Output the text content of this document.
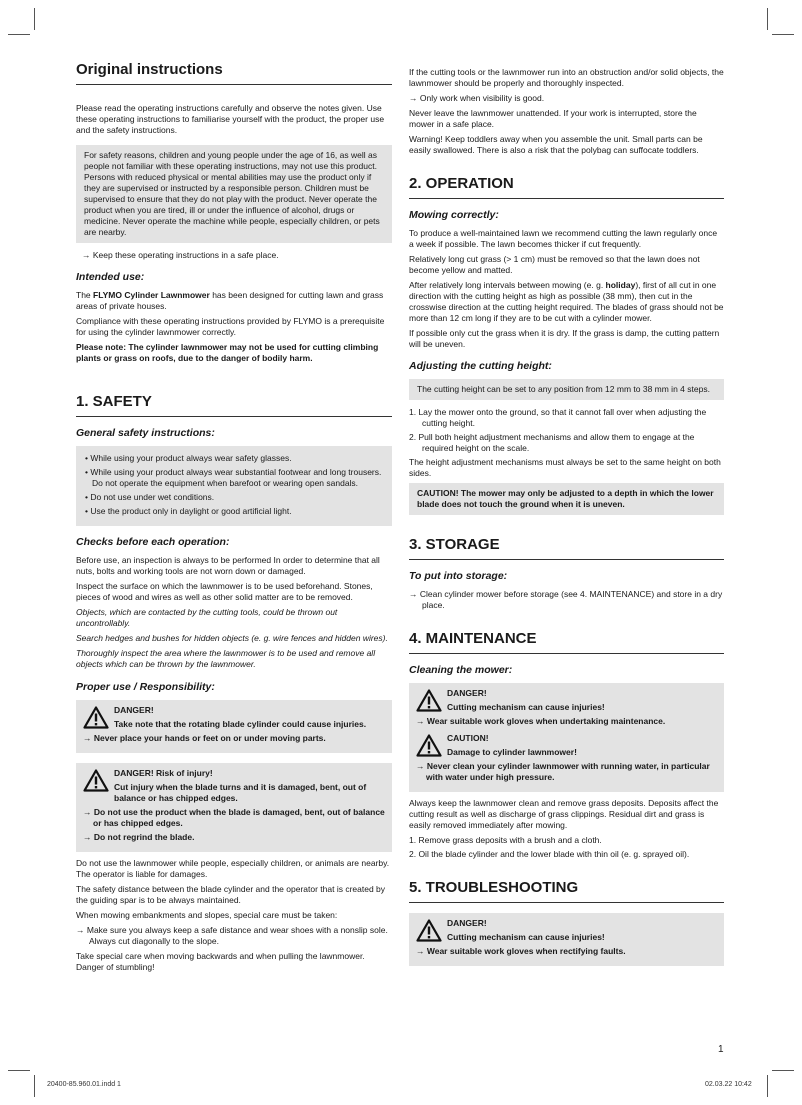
Original instructions

Please read the operating instructions carefully and observe the notes given. Use these operating instructions to familiarise yourself with the product, the proper use and the safety instructions.

For safety reasons, children and young people under the age of 16, as well as people not familiar with these operating instructions, may not use this product. Persons with reduced physical or mental abilities may use the product only if they are supervised or instructed by a responsible person. Children must be supervised to ensure that they do not play with the product. Never operate the product when you are tired, ill or under the influence of alcohol, drugs or medicine. Never operate the machine while people, especially children, or pets are nearby.

→ Keep these operating instructions in a safe place.

Intended use:

The FLYMO Cylinder Lawnmower has been designed for cutting lawn and grass areas of private houses.

Compliance with these operating instructions provided by FLYMO is a prerequisite for using the cylinder lawnmower correctly.

Please note: The cylinder lawnmower may not be used for cutting climbing plants or grass on roofs, due to the danger of bodily harm.

1. SAFETY
General safety instructions:
• While using your product always wear safety glasses.
• While using your product always wear substantial footwear and long trousers. Do not operate the equipment when barefoot or wearing open sandals.
• Do not use under wet conditions.
• Use the product only in daylight or good artificial light.
Checks before each operation:

Before use, an inspection is always to be performed In order to determine that all nuts, bolts and working tools are not worn down or damaged.

Inspect the surface on which the lawnmower is to be used beforehand. Stones, pieces of wood and wires as well as other solid matter are to be removed.

Objects, which are contacted by the cutting tools, could be thrown out uncontrollably.

Search hedges and bushes for hidden objects (e. g. wire fences and hidden wires).

Thoroughly inspect the area where the lawnmower is to be used and remove all objects which can be thrown by the lawnmower.

Proper use / Responsibility:

DANGER!

Take note that the rotating blade cylinder could cause injuries.

→ Never place your hands or feet on or under moving parts.

DANGER! Risk of injury!

Cut injury when the blade turns and it is damaged, bent, out of balance or has chipped edges.

→ Do not use the product when the blade is damaged, bent, out of balance or has chipped edges.

→ Do not regrind the blade.

Do not use the lawnmower while people, especially children, or animals are nearby. The operator is liable for damages.

The safety distance between the blade cylinder and the operator that is created by the guiding spar is to be always maintained.

When mowing embankments and slopes, special care must be taken:

→ Make sure you always keep a safe distance and wear shoes with a nonslip sole. Always cut diagonally to the slope.

Take special care when moving backwards and when pulling the lawnmower. Danger of stumbling!

If the cutting tools or the lawnmower run into an obstruction and/or solid objects, the lawnmower should be properly and thoroughly inspected.

→ Only work when visibility is good.

Never leave the lawnmower unattended. If your work is interrupted, store the mower in a safe place.

Warning! Keep toddlers away when you assemble the unit. Small parts can be easily swallowed. There is also a risk that the polybag can suffocate toddlers.

2. OPERATION
Mowing correctly:

To produce a well-maintained lawn we recommend cutting the lawn regularly once a week if possible. The lawn becomes thicker if cut frequently.

Relatively long cut grass (> 1 cm) must be removed so that the lawn does not become yellow and matted.

After relatively long intervals between mowing (e. g. holiday), first of all cut in one direction with the cutting height as high as possible (38 mm), then cut in the crosswise direction at the cutting height required. The blades of grass should not be more than 12 cm long if they are to be cut with a cylinder mower.

If possible only cut the grass when it is dry. If the grass is damp, the cutting pattern will be uneven.

Adjusting the cutting height:
The cutting height can be set to any position from 12 mm to 38 mm in 4 steps.
1. Lay the mower onto the ground, so that it cannot fall over when adjusting the cutting height.
2. Pull both height adjustment mechanisms and allow them to engage at the required height on the scale.

The height adjustment mechanisms must always be set to the same height on both sides.

CAUTION! The mower may only be adjusted to a depth in which the lower blade does not touch the ground when it is uneven.
3. STORAGE
To put into storage:

→ Clean cylinder mower before storage (see 4. MAINTENANCE) and store in a dry place.

4. MAINTENANCE
Cleaning the mower:

DANGER!

Cutting mechanism can cause injuries!

→ Wear suitable work gloves when undertaking maintenance.

CAUTION!

Damage to cylinder lawnmower!

→ Never clean your cylinder lawnmower with running water, in particular with water under high pressure.

Always keep the lawnmower clean and remove grass deposits. Deposits affect the cutting result as well as discharge of grass clippings. Residual dirt and grass is easily removed immediately after mowing.

1. Remove grass deposits with a brush and a cloth.
2. Oil the blade cylinder and the lower blade with thin oil (e. g. sprayed oil).
5. TROUBLESHOOTING

DANGER!

Cutting mechanism can cause injuries!

→ Wear suitable work gloves when rectifying faults.

1
20400-85.960.01.indd 1	02.03.22 10:42
